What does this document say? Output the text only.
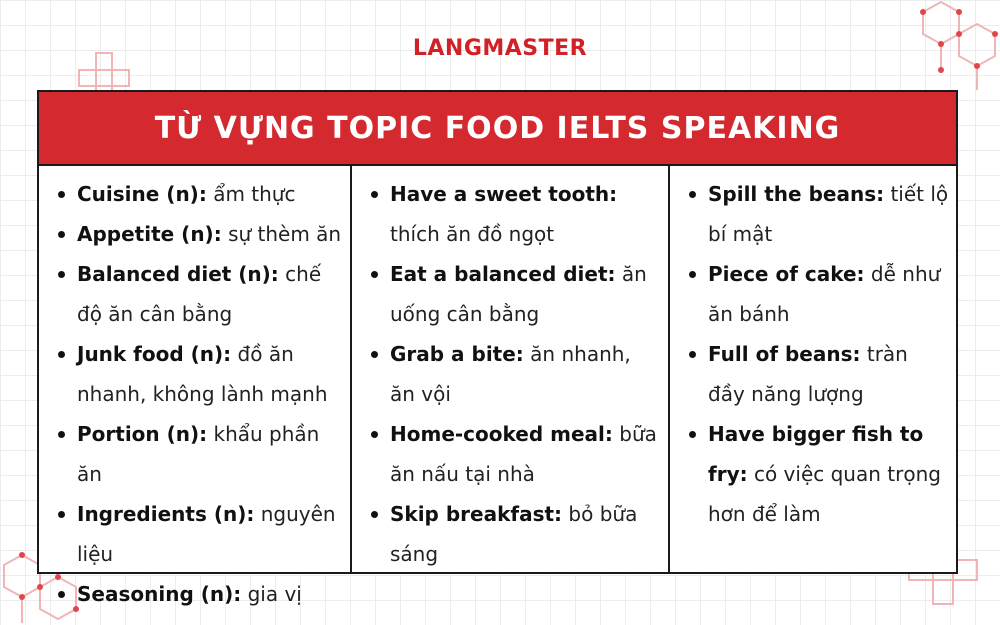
LANGMASTER
TỪ VỰNG TOPIC FOOD IELTS SPEAKING
Cuisine (n): ẩm thực
Appetite (n): sự thèm ăn
Balanced diet (n): chế độ ăn cân bằng
Junk food (n): đồ ăn nhanh, không lành mạnh
Portion (n): khẩu phần ăn
Ingredients (n): nguyên liệu
Seasoning (n): gia vị
Have a sweet tooth: thích ăn đồ ngọt
Eat a balanced diet: ăn uống cân bằng
Grab a bite: ăn nhanh, ăn vội
Home-cooked meal: bữa ăn nấu tại nhà
Skip breakfast: bỏ bữa sáng
Spill the beans: tiết lộ bí mật
Piece of cake: dễ như ăn bánh
Full of beans: tràn đầy năng lượng
Have bigger fish to fry: có việc quan trọng hơn để làm
